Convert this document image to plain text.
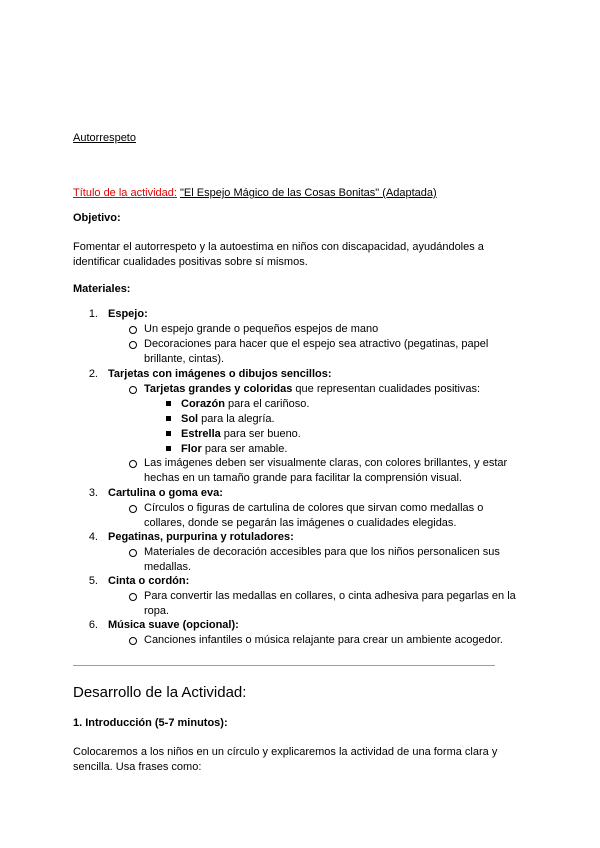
Autorrespeto
Título de la actividad: "El Espejo Mágico de las Cosas Bonitas" (Adaptada)
Objetivo:
Fomentar el autorrespeto y la autoestima en niños con discapacidad, ayudándoles a
identificar cualidades positivas sobre sí mismos.
Materiales:
1. Espejo:
Un espejo grande o pequeños espejos de mano
Decoraciones para hacer que el espejo sea atractivo (pegatinas, papel
brillante, cintas).
2. Tarjetas con imágenes o dibujos sencillos:
Tarjetas grandes y coloridas que representan cualidades positivas:
Corazón para el cariñoso.
Sol para la alegría.
Estrella para ser bueno.
Flor para ser amable.
Las imágenes deben ser visualmente claras, con colores brillantes, y estar
hechas en un tamaño grande para facilitar la comprensión visual.
3. Cartulina o goma eva:
Círculos o figuras de cartulina de colores que sirvan como medallas o
collares, donde se pegarán las imágenes o cualidades elegidas.
4. Pegatinas, purpurina y rotuladores:
Materiales de decoración accesibles para que los niños personalicen sus
medallas.
5. Cinta o cordón:
Para convertir las medallas en collares, o cinta adhesiva para pegarlas en la
ropa.
6. Música suave (opcional):
Canciones infantiles o música relajante para crear un ambiente acogedor.
Desarrollo de la Actividad:
1. Introducción (5-7 minutos):
Colocaremos a los niños en un círculo y explicaremos la actividad de una forma clara y
sencilla. Usa frases como:
